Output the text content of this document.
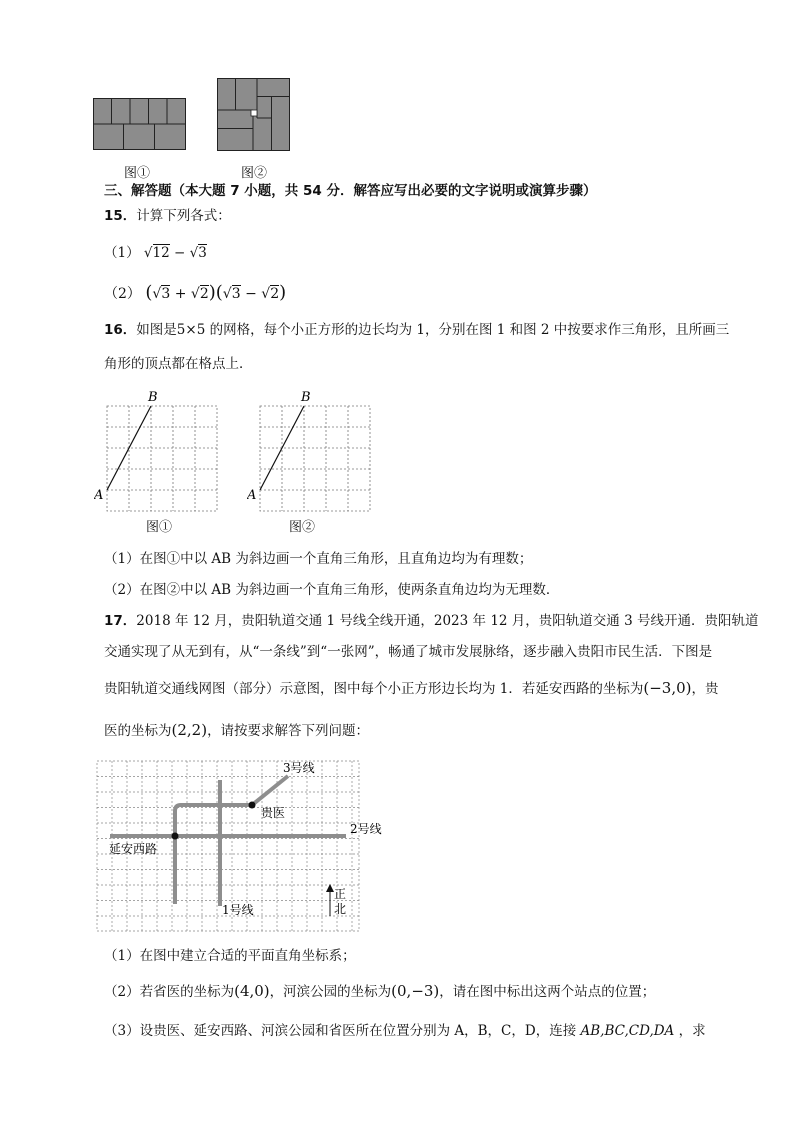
图①	图②
三、解答题（本大题 7 小题，共 54 分．解答应写出必要的文字说明或演算步骤）
15．计算下列各式：
（1） √12 − √3
（2） (√3 + √2)(√3 − √2)
16．如图是5×5 的网格，每个小正方形的边长均为 1，分别在图 1 和图 2 中按要求作三角形，且所画三
角形的顶点都在格点上．
A
B
A
B
图①	图②
（1）在图①中以 AB 为斜边画一个直角三角形，且直角边均为有理数；
（2）在图②中以 AB 为斜边画一个直角三角形，使两条直角边均为无理数．
17．2018 年 12 月，贵阳轨道交通 1 号线全线开通，2023 年 12 月，贵阳轨道交通 3 号线开通．贵阳轨道
交通实现了从无到有，从“一条线”到“一张网”，畅通了城市发展脉络，逐步融入贵阳市民生活．下图是
贵阳轨道交通线网图（部分）示意图，图中每个小正方形边长均为 1．若延安西路的坐标为(−3,0)，贵
医的坐标为(2,2)，请按要求解答下列问题：
3号线
2号线
贵医
延安西路
1号线
正
北
（1）在图中建立合适的平面直角坐标系；
（2）若省医的坐标为(4,0)，河滨公园的坐标为(0,−3)，请在图中标出这两个站点的位置；
（3）设贵医、延安西路、河滨公园和省医所在位置分别为 A，B，C，D，连接 AB,BC,CD,DA ，求
